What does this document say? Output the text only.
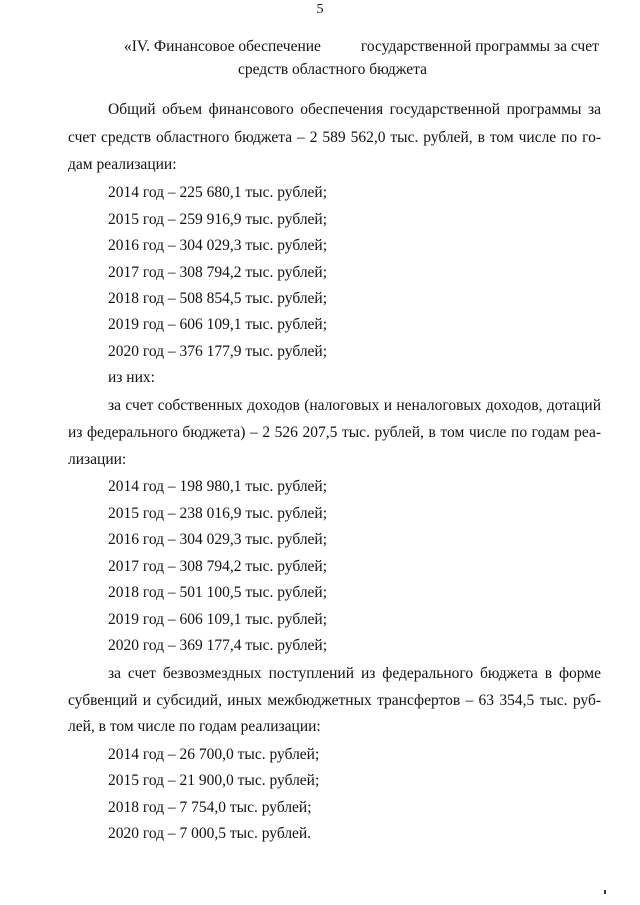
5
«IV. Финансовое обеспечение	государственной программы за счет
средств областного бюджета
Общий объем финансового обеспечения государственной программы за
счет средств областного бюджета – 2 589 562,0 тыс. рублей, в том числе по го-
дам реализации:
2014 год – 225 680,1 тыс. рублей;
2015 год – 259 916,9 тыс. рублей;
2016 год – 304 029,3 тыс. рублей;
2017 год – 308 794,2 тыс. рублей;
2018 год – 508 854,5 тыс. рублей;
2019 год – 606 109,1 тыс. рублей;
2020 год – 376 177,9 тыс. рублей;
из них:
за счет собственных доходов (налоговых и неналоговых доходов, дотаций
из федерального бюджета) – 2 526 207,5 тыс. рублей, в том числе по годам реа-
лизации:
2014 год – 198 980,1 тыс. рублей;
2015 год – 238 016,9 тыс. рублей;
2016 год – 304 029,3 тыс. рублей;
2017 год – 308 794,2 тыс. рублей;
2018 год – 501 100,5 тыс. рублей;
2019 год – 606 109,1 тыс. рублей;
2020 год – 369 177,4 тыс. рублей;
за счет безвозмездных поступлений из федерального бюджета в форме
субвенций и субсидий, иных межбюджетных трансфертов – 63 354,5 тыс. руб-
лей, в том числе по годам реализации:
2014 год – 26 700,0 тыс. рублей;
2015 год – 21 900,0 тыс. рублей;
2018 год – 7 754,0 тыс. рублей;
2020 год – 7 000,5 тыс. рублей.
